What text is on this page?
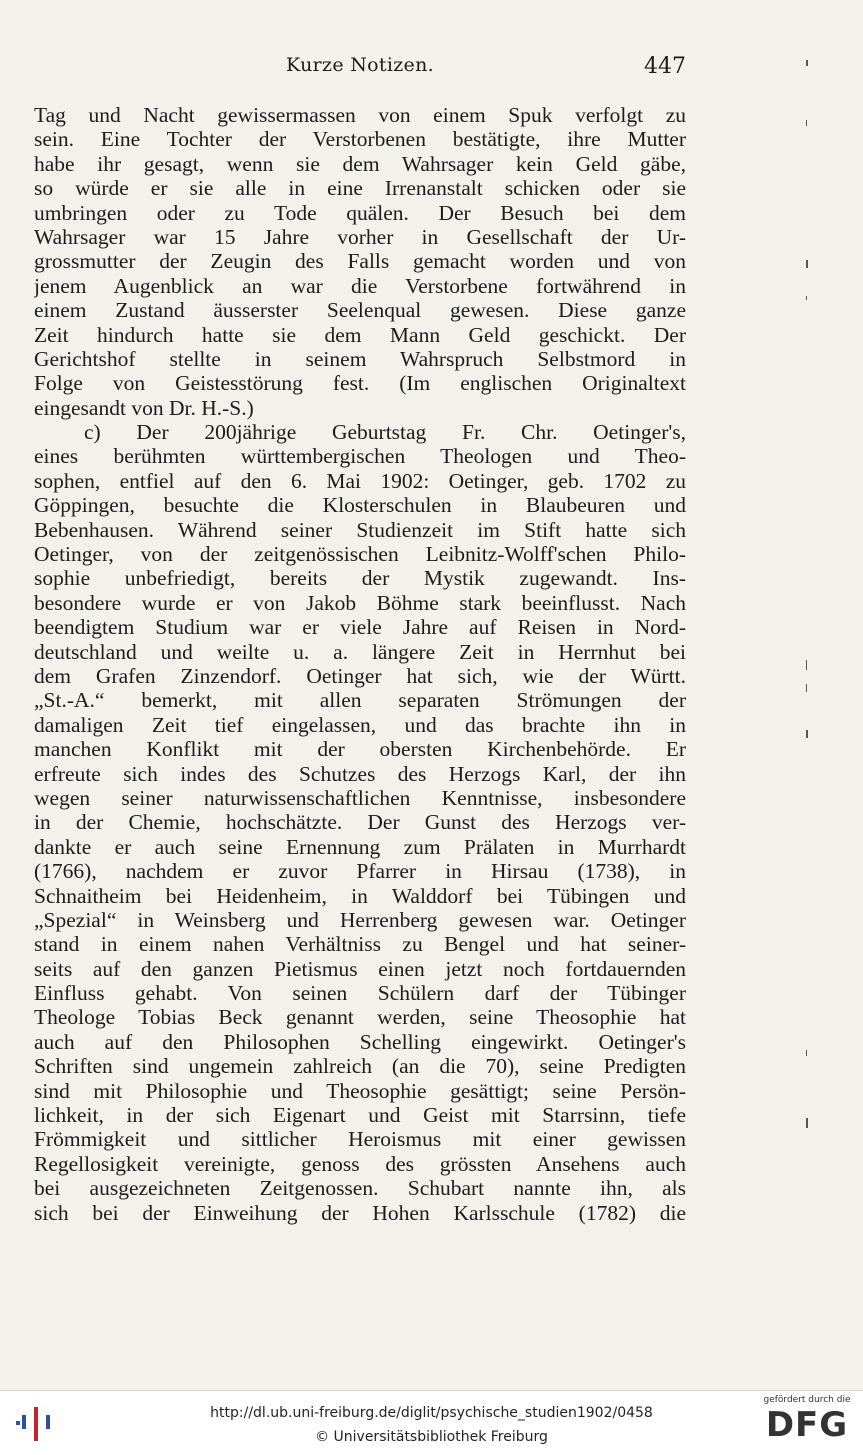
Kurze Notizen.	447
Tag und Nacht gewissermassen von einem Spuk verfolgt zu
sein. Eine Tochter der Verstorbenen bestätigte, ihre Mutter
habe ihr gesagt, wenn sie dem Wahrsager kein Geld gäbe,
so würde er sie alle in eine Irrenanstalt schicken oder sie
umbringen oder zu Tode quälen. Der Besuch bei dem
Wahrsager war 15 Jahre vorher in Gesellschaft der Ur-
grossmutter der Zeugin des Falls gemacht worden und von
jenem Augenblick an war die Verstorbene fortwährend in
einem Zustand äusserster Seelenqual gewesen. Diese ganze
Zeit hindurch hatte sie dem Mann Geld geschickt. Der
Gerichtshof stellte in seinem Wahrspruch Selbstmord in
Folge von Geistesstörung fest. (Im englischen Originaltext
eingesandt von Dr. H.-S.)
c) Der 200jährige Geburtstag Fr. Chr. Oetinger's,
eines berühmten württembergischen Theologen und Theo-
sophen, entfiel auf den 6. Mai 1902: Oetinger, geb. 1702 zu
Göppingen, besuchte die Klosterschulen in Blaubeuren und
Bebenhausen. Während seiner Studienzeit im Stift hatte sich
Oetinger, von der zeitgenössischen Leibnitz-Wolff'schen Philo-
sophie unbefriedigt, bereits der Mystik zugewandt. Ins-
besondere wurde er von Jakob Böhme stark beeinflusst. Nach
beendigtem Studium war er viele Jahre auf Reisen in Nord-
deutschland und weilte u. a. längere Zeit in Herrnhut bei
dem Grafen Zinzendorf. Oetinger hat sich, wie der Württ.
„St.-A.“ bemerkt, mit allen separaten Strömungen der
damaligen Zeit tief eingelassen, und das brachte ihn in
manchen Konflikt mit der obersten Kirchenbehörde. Er
erfreute sich indes des Schutzes des Herzogs Karl, der ihn
wegen seiner naturwissenschaftlichen Kenntnisse, insbesondere
in der Chemie, hochschätzte. Der Gunst des Herzogs ver-
dankte er auch seine Ernennung zum Prälaten in Murrhardt
(1766), nachdem er zuvor Pfarrer in Hirsau (1738), in
Schnaitheim bei Heidenheim, in Walddorf bei Tübingen und
„Spezial“ in Weinsberg und Herrenberg gewesen war. Oetinger
stand in einem nahen Verhältniss zu Bengel und hat seiner-
seits auf den ganzen Pietismus einen jetzt noch fortdauernden
Einfluss gehabt. Von seinen Schülern darf der Tübinger
Theologe Tobias Beck genannt werden, seine Theosophie hat
auch auf den Philosophen Schelling eingewirkt. Oetinger's
Schriften sind ungemein zahlreich (an die 70), seine Predigten
sind mit Philosophie und Theosophie gesättigt; seine Persön-
lichkeit, in der sich Eigenart und Geist mit Starrsinn, tiefe
Frömmigkeit und sittlicher Heroismus mit einer gewissen
Regellosigkeit vereinigte, genoss des grössten Ansehens auch
bei ausgezeichneten Zeitgenossen. Schubart nannte ihn, als
sich bei der Einweihung der Hohen Karlsschule (1782) die
http://dl.ub.uni-freiburg.de/diglit/psychische_studien1902/0458
© Universitätsbibliothek Freiburg
gefördert durch die
DFG
